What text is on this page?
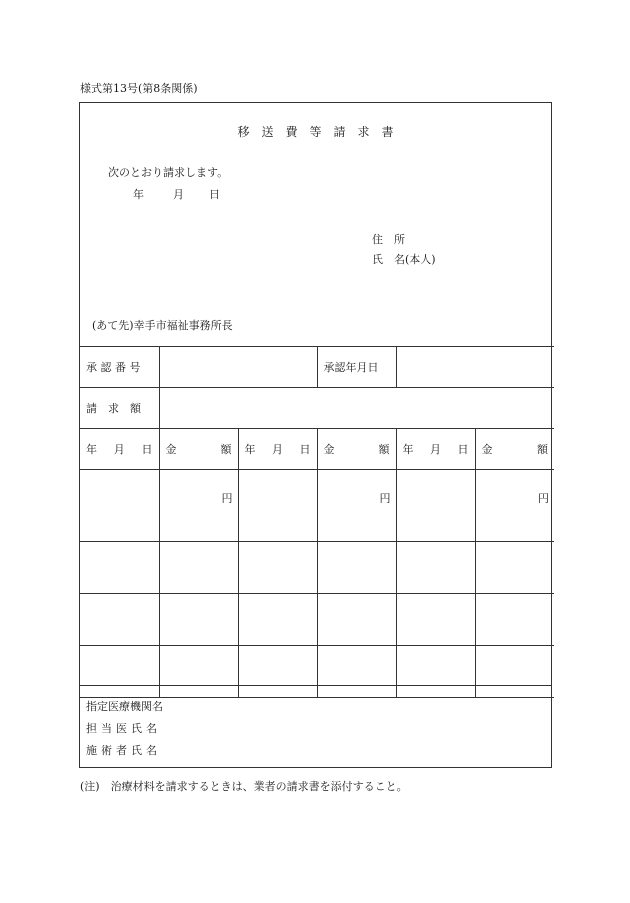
様式第13号(第8条関係)
移送費等請求書
次のとおり請求します。
年	月 日
住　所
氏　名(本人)
(あて先)幸手市福祉事務所長
承 認 番 号			承認年月日		
請　求　額					

年 月 日	金 額	年 月 日	金 額	年 月 日	金 額

	円		円		円

指定医療機関名
担当医氏名
施術者氏名
(注)　治療材料を請求するときは、業者の請求書を添付すること。
